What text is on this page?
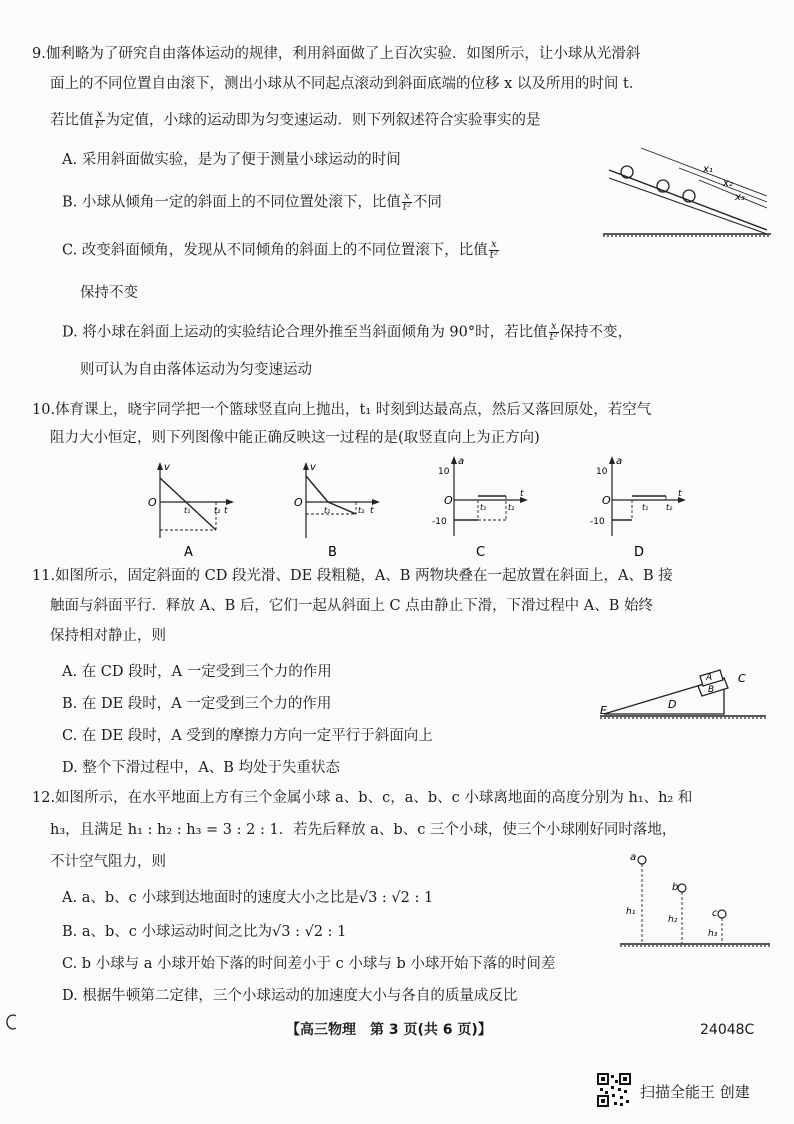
9.伽利略为了研究自由落体运动的规律，利用斜面做了上百次实验．如图所示，让小球从光滑斜
面上的不同位置自由滚下，测出小球从不同起点滚动到斜面底端的位移 x 以及所用的时间 t．
若比值 $\frac{x}{\text{t²}}$ 为定值，小球的运动即为匀变速运动．则下列叙述符合实验事实的是
A. 采用斜面做实验，是为了便于测量小球运动的时间
B. 小球从倾角一定的斜面上的不同位置处滚下，比值 $\frac{x}{\text{t²}}$ 不同
C. 改变斜面倾角，发现从不同倾角的斜面上的不同位置滚下，比值 $\frac{x}{\text{t²}}$
保持不变
D. 将小球在斜面上运动的实验结论合理外推至当斜面倾角为 90°时，若比值 $\frac{x}{\text{t²}}$ 保持不变，
则可认为自由落体运动为匀变速运动
x₁
x₂
x₃
10.体育课上，晓宇同学把一个篮球竖直向上抛出，t₁ 时刻到达最高点，然后又落回原处，若空气
阻力大小恒定，则下列图像中能正确反映这一过程的是(取竖直向上为正方向)
v
O
t₁	t₂ t
A
v
O
t₁	t₂ t
B
a
10
-10
O
t₁	t₂
t
C
a
10
-10
O
t₁ t₂
t
D
11.如图所示，固定斜面的 CD 段光滑、DE 段粗糙，A、B 两物块叠在一起放置在斜面上，A、B 接
触面与斜面平行．释放 A、B 后，它们一起从斜面上 C 点由静止下滑，下滑过程中 A、B 始终
保持相对静止，则
A. 在 CD 段时，A 一定受到三个力的作用
B. 在 DE 段时，A 一定受到三个力的作用
C. 在 DE 段时，A 受到的摩擦力方向一定平行于斜面向上
D. 整个下滑过程中，A、B 均处于失重状态
A
B
C
D
E
12.如图所示，在水平地面上方有三个金属小球 a、b、c，a、b、c 小球离地面的高度分别为 h₁、h₂ 和
h₃，且满足 h₁ : h₂ : h₃ = 3 : 2 : 1．若先后释放 a、b、c 三个小球，使三个小球刚好同时落地，
不计空气阻力，则
A. a、b、c 小球到达地面时的速度大小之比是√3 : √2 : 1
B. a、b、c 小球运动时间之比为√3 : √2 : 1
C. b 小球与 a 小球开始下落的时间差小于 c 小球与 b 小球开始下落的时间差
D. 根据牛顿第二定律，三个小球运动的加速度大小与各自的质量成反比
a
h₁
b
h₂
c
h₃
【高三物理　第 3 页(共 6 页)】	24048C
扫描全能王 创建
